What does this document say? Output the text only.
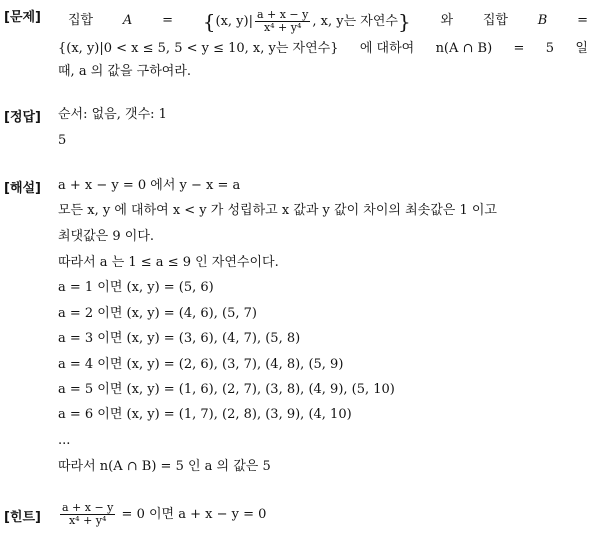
[문제] 집합 A = {(x, $y)| \frac{a + x - y}{\text{x⁴ + y⁴}}$ , x, y는 자연수} 와 집합 B =
{(x, y)|0 < x ≤ 5, 5 < y ≤ 10, x, y는 자연수} 에 대하여 n(A ∩ B) = 5 일
때, a 의 값을 구하여라.
[정답] 순서: 없음, 갯수: 1
5
[해설] a + x − y = 0 에서 y − x = a
모든 x, y 에 대하여 x < y 가 성립하고 x 값과 y 값이 차이의 최솟값은 1 이고
최댓값은 9 이다.
따라서 a 는 1 ≤ a ≤ 9 인 자연수이다.
a = 1 이면 (x, y) = (5, 6)
a = 2 이면 (x, y) = (4, 6), (5, 7)
a = 3 이면 (x, y) = (3, 6), (4, 7), (5, 8)
a = 4 이면 (x, y) = (2, 6), (3, 7), (4, 8), (5, 9)
a = 5 이면 (x, y) = (1, 6), (2, 7), (3, 8), (4, 9), (5, 10)
a = 6 이면 (x, y) = (1, 7), (2, 8), (3, 9), (4, 10)
...
따라서 n(A ∩ B) = 5 인 a 의 값은 5
[힌트] $\frac{a + x - y}{\text{x⁴ + y⁴}} = 0$ 이면 a + x − y = 0
